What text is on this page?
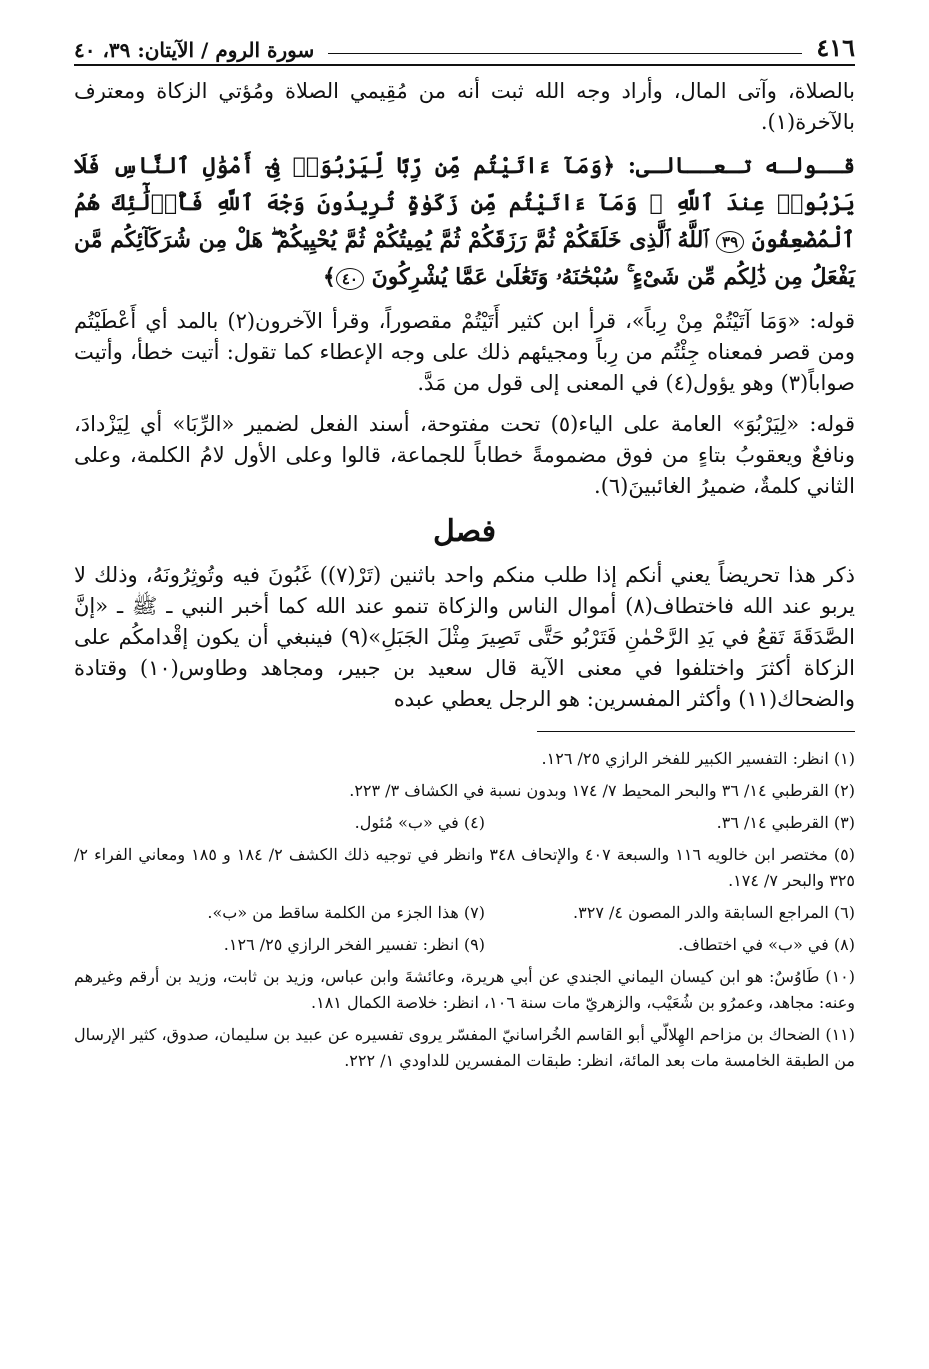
٤١٦
سورة الروم / الآيتان: ٣٩، ٤٠

بالصلاة، وآتى المال، وأراد وجه الله ثبت أنه من مُقِيمي الصلاة ومُؤتي الزكاة ومعترف بالآخرة(١).

قــولـه تـعــالـى: ﴿وَمَآ ءَاتَيْتُم مِّن رِّبًا لِّيَرْبُوَا۟ فِىٓ أَمْوَٰلِ ٱلنَّاسِ فَلَا يَرْبُوا۟ عِندَ ٱللَّهِ ۖ وَمَآ ءَاتَيْتُم مِّن زَكَوٰةٍ تُرِيدُونَ وَجْهَ ٱللَّهِ فَأُو۟لَٰٓئِكَ هُمُ ٱلْمُضْعِفُونَ ٣٩ ٱللَّهُ ٱلَّذِى خَلَقَكُمْ ثُمَّ رَزَقَكُمْ ثُمَّ يُمِيتُكُمْ ثُمَّ يُحْيِيكُمْ ۖ هَلْ مِن شُرَكَآئِكُم مَّن يَفْعَلُ مِن ذَٰلِكُم مِّن شَىْءٍ ۚ سُبْحَٰنَهُۥ وَتَعَٰلَىٰ عَمَّا يُشْرِكُونَ ٤٠﴾

قوله: «وَمَا آتَيْتُمْ مِنْ رِباً»، قرأ ابن كثير أَتَيْتُمْ مقصوراً، وقرأ الآخرون(٢) بالمد أي أَعْطَيْتُم ومن قصر فمعناه جِئْتُم من رِباً ومجيئهم ذلك على وجه الإعطاء كما تقول: أتيت خطأ، وأتيت صواباً(٣) وهو يؤول(٤) في المعنى إلى قول من مَدَّ.

قوله: «لِيَرْبُوَ» العامة على الياء(٥) تحت مفتوحة، أسند الفعل لضمير «الرِّبَا» أي لِيَزْدادَ، ونافعٌ ويعقوبُ بتاءٍ من فوق مضمومةً خطاباً للجماعة، قالوا وعلى الأول لامُ الكلمة، وعلى الثاني كلمةٌ، ضميرُ الغائبينَ(٦).

فصل

ذكر هذا تحريضاً يعني أنكم إذا طلب منكم واحد باثنين (تَرْ(٧)) غَبُونَ فيه وتُوثِرُونَهُ، وذلك لا يربو عند الله فاختطاف(٨) أموال الناس والزكاة تنمو عند الله كما أخبر النبي ـ ﷺ ـ «إنَّ الصَّدَقَةَ تَقعُ في يَدِ الرَّحْمٰنِ فَتَرْبُو حَتَّى تَصِيرَ مِثْلَ الجَبَلِ»(٩) فينبغي أن يكون إقْدامكُم على الزكاة أكثرَ واختلفوا في معنى الآية قال سعيد بن جبير، ومجاهد وطاوس(١٠) وقتادة والضحاك(١١) وأكثر المفسرين: هو الرجل يعطي عبده

(١) انظر: التفسير الكبير للفخر الرازي ٢٥/ ١٢٦.
(٢) القرطبي ١٤/ ٣٦ والبحر المحيط ٧/ ١٧٤ وبدون نسبة في الكشاف ٣/ ٢٢٣.
(٣) القرطبي ١٤/ ٣٦.
(٤) في «ب» مُئول.
(٥) مختصر ابن خالويه ١١٦ والسبعة ٤٠٧ والإتحاف ٣٤٨ وانظر في توجيه ذلك الكشف ٢/ ١٨٤ و ١٨٥ ومعاني الفراء ٢/ ٣٢٥ والبحر ٧/ ١٧٤.
(٦) المراجع السابقة والدر المصون ٤/ ٣٢٧.
(٧) هذا الجزء من الكلمة ساقط من «ب».
(٨) في «ب» في اختطاف.
(٩) انظر: تفسير الفخر الرازي ٢٥/ ١٢٦.
(١٠) طَاوُسٌ: هو ابن كيسان اليماني الجندي عن أبي هريرة، وعائشةَ وابن عباس، وزيد بن ثابت، وزيد بن أرقم وغيرهم وعنه: مجاهد، وعمرُو بن شُعَيْب، والزهريّ مات سنة ١٠٦، انظر: خلاصة الكمال ١٨١.
(١١) الضحاك بن مزاحم الهِلالّي أبو القاسم الخُراسانيّ المفسّر يروى تفسيره عن عبيد بن سليمان، صدوق، كثير الإرسال من الطبقة الخامسة مات بعد المائة، انظر: طبقات المفسرين للداودي ١/ ٢٢٢.
